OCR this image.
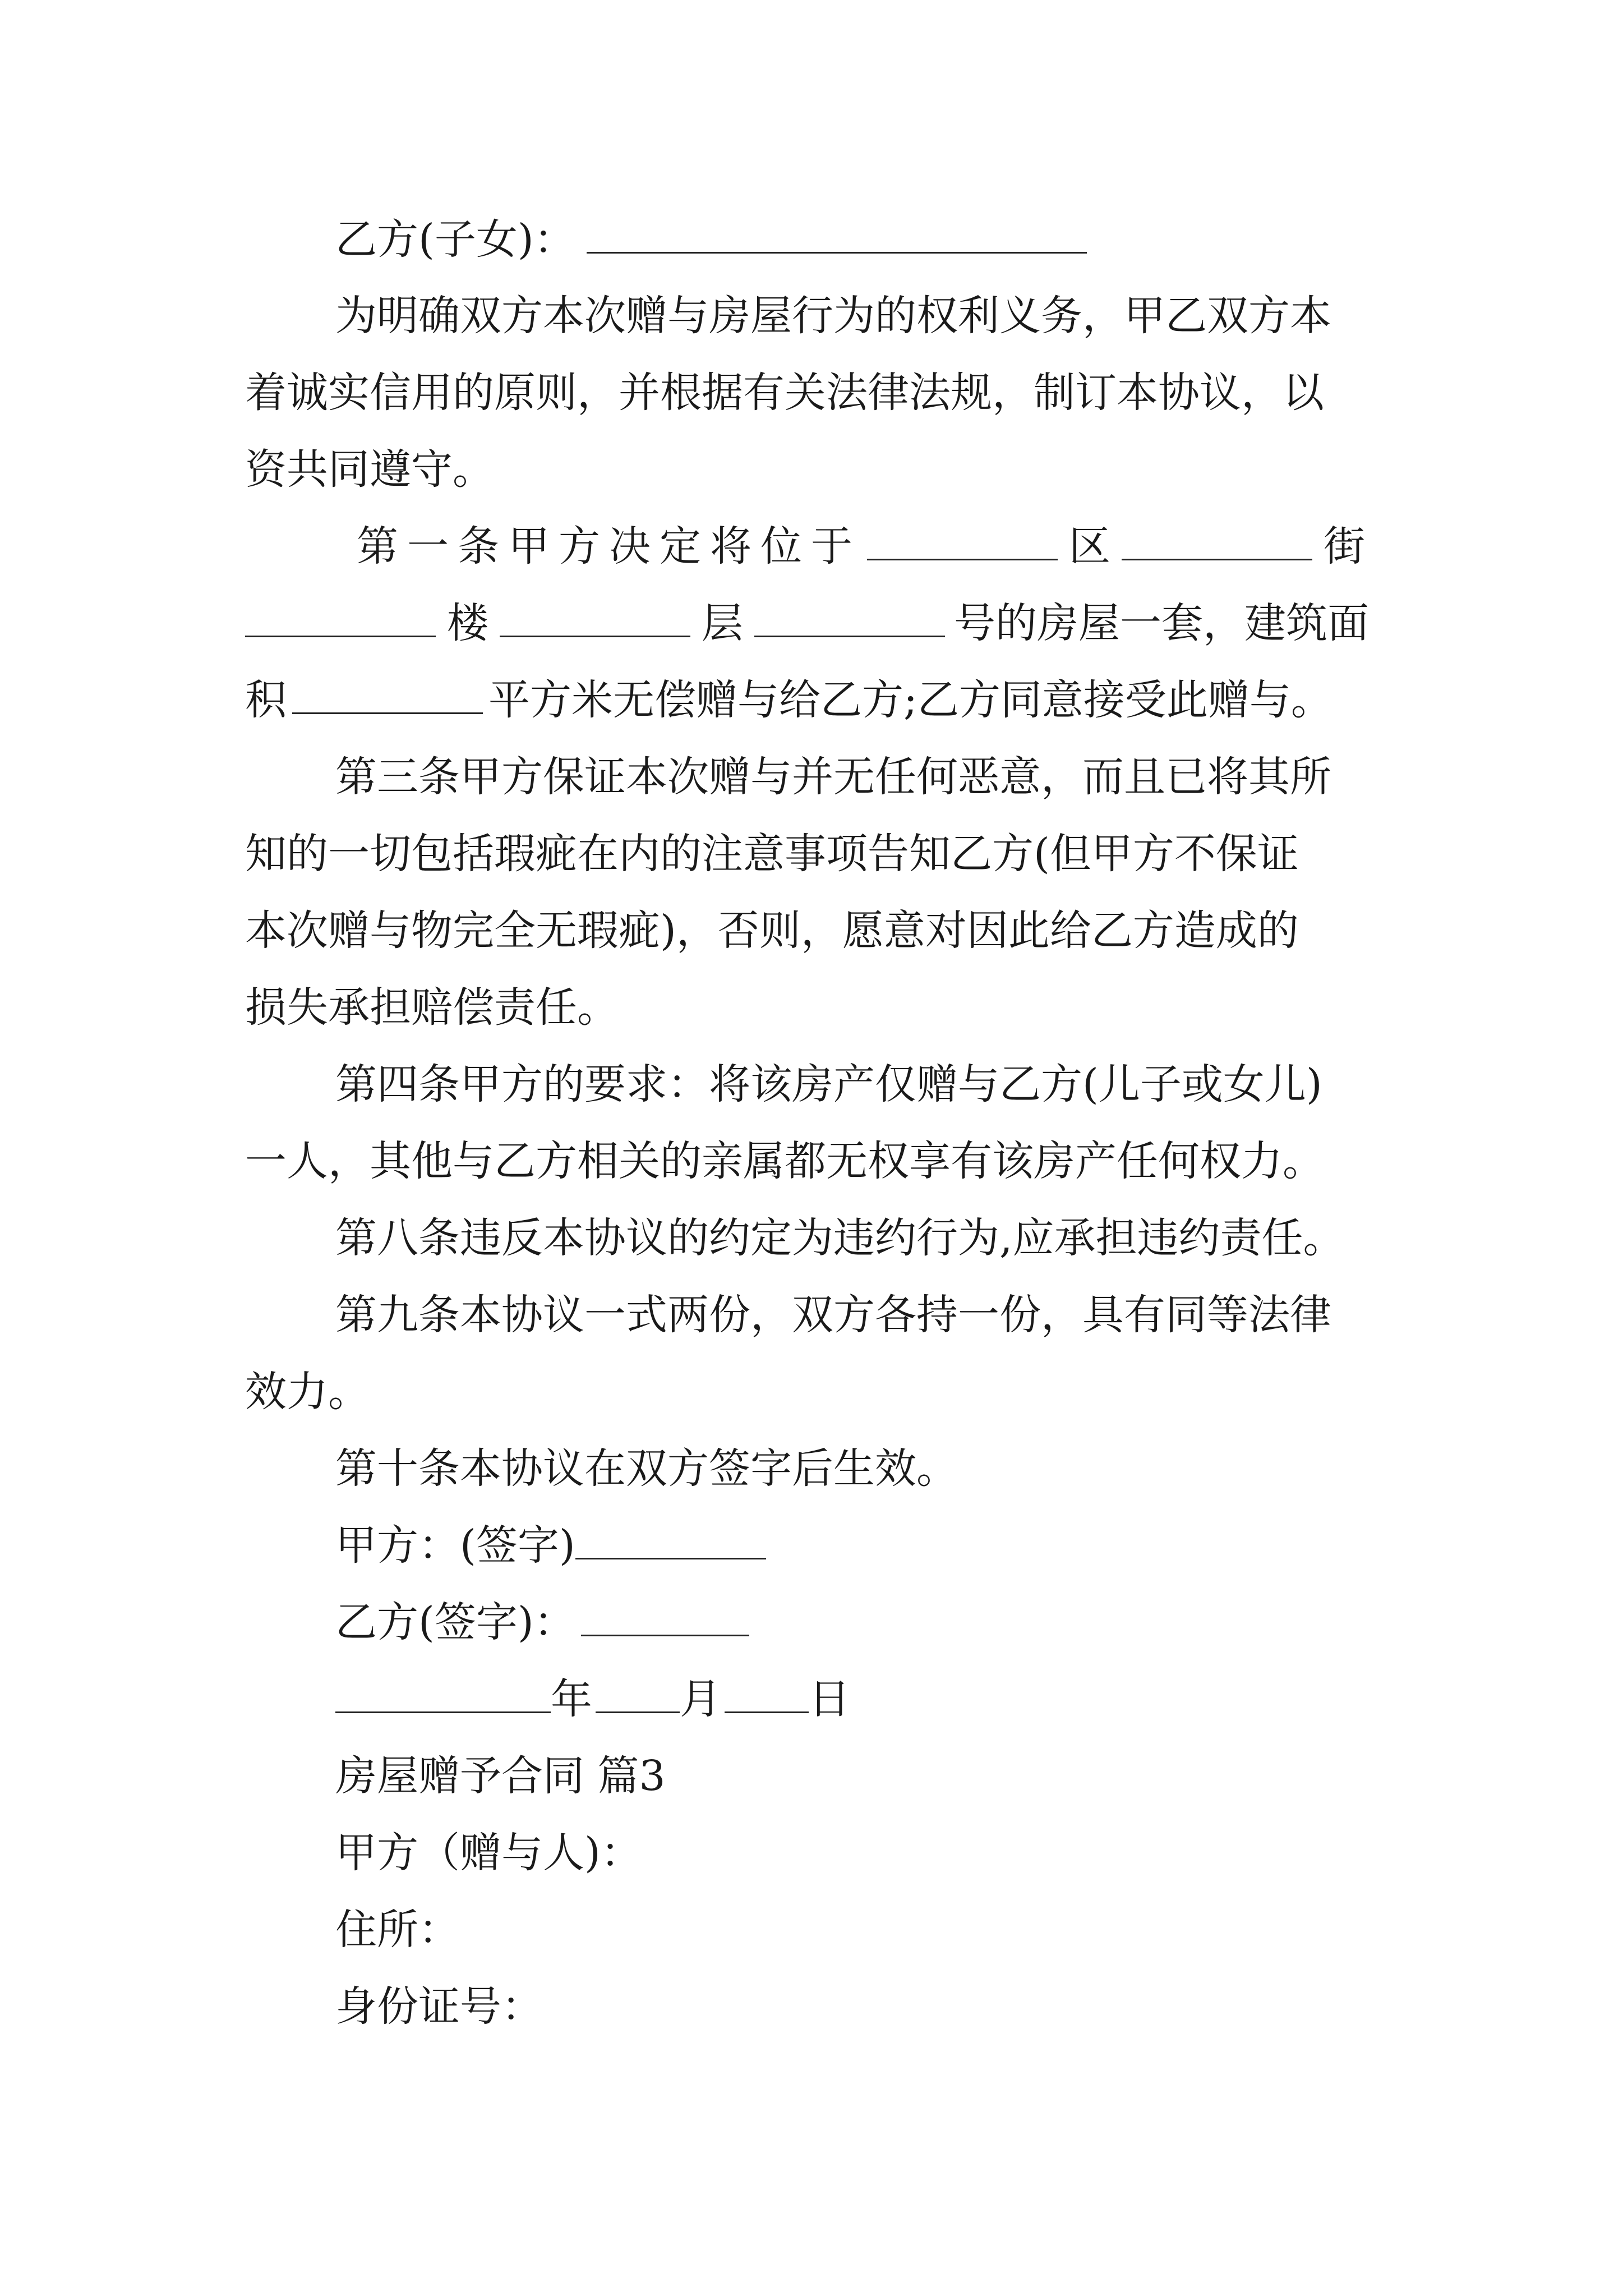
乙方(子女)：

为明确双方本次赠与房屋行为的权利义务，甲乙双方本

着诚实信用的原则，并根据有关法律法规，制订本协议，以

资共同遵守。

第一条甲方决定将位于	区	街

楼	层	号的房屋一套，建筑面

积	平方米无偿赠与给乙方;乙方同意接受此赠与。

第三条甲方保证本次赠与并无任何恶意，而且已将其所

知的一切包括瑕疵在内的注意事项告知乙方(但甲方不保证

本次赠与物完全无瑕疵)，否则，愿意对因此给乙方造成的

损失承担赔偿责任。

第四条甲方的要求：将该房产仅赠与乙方(儿子或女儿)

一人，其他与乙方相关的亲属都无权享有该房产任何权力。

第八条违反本协议的约定为违约行为,应承担违约责任。

第九条本协议一式两份，双方各持一份，具有同等法律

效力。

第十条本协议在双方签字后生效。

甲方：(签字)

乙方(签字)：

年 月 日

房屋赠予合同 篇3

甲方（赠与人)：

住所：

身份证号：
